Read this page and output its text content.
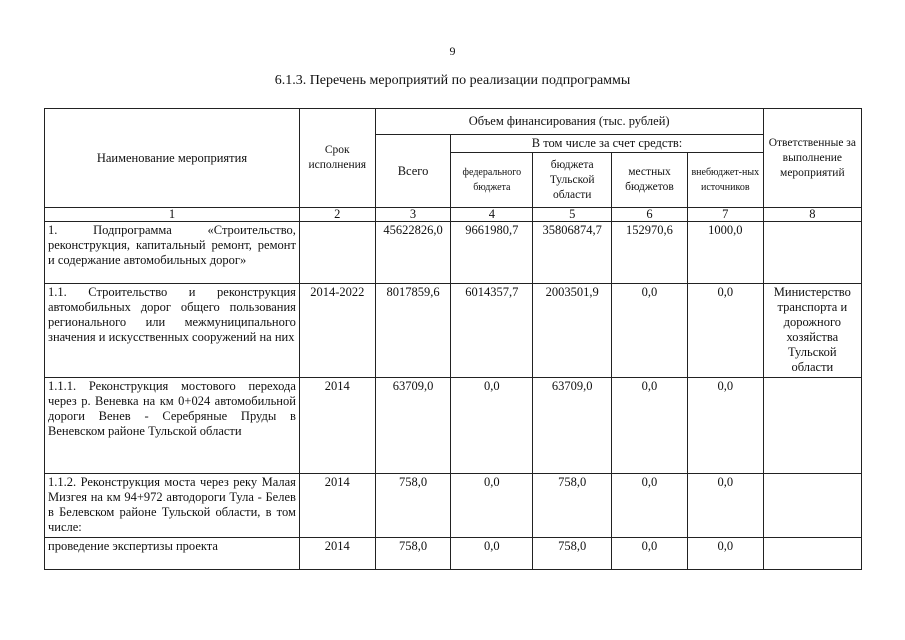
9
6.1.3. Перечень мероприятий по реализации подпрограммы
Наименование мероприятия	Срок исполнения	Объем финансирования (тыс. рублей)					Ответственные за выполнение мероприятий
		Всего	В том числе за счет средств:				
			федерального бюджета	бюджета Тульской области	местных бюджетов	внебюджет-ных источников	
1	2	3	4	5	6	7	8
1. Подпрограмма «Строительство, реконструкция, капитальный ремонт, ремонт и содержание автомобильных дорог»		45622826,0	9661980,7	35806874,7	152970,6	1000,0	
1.1. Строительство и реконструкция автомобильных дорог общего пользования регионального или межмуниципального значения и искусственных сооружений на них	2014-2022	8017859,6	6014357,7	2003501,9	0,0	0,0	Министерство транспорта и дорожного хозяйства Тульской области
1.1.1. Реконструкция мостового перехода через р. Веневка на км 0+024 автомобильной дороги Венев - Серебряные Пруды в Веневском районе Тульской области	2014	63709,0	0,0	63709,0	0,0	0,0	
1.1.2. Реконструкция моста через реку Малая Мизгея на км 94+972 автодороги Тула - Белев в Белевском районе Тульской области, в том числе:	2014	758,0	0,0	758,0	0,0	0,0	
проведение экспертизы проекта	2014	758,0	0,0	758,0	0,0	0,0	
